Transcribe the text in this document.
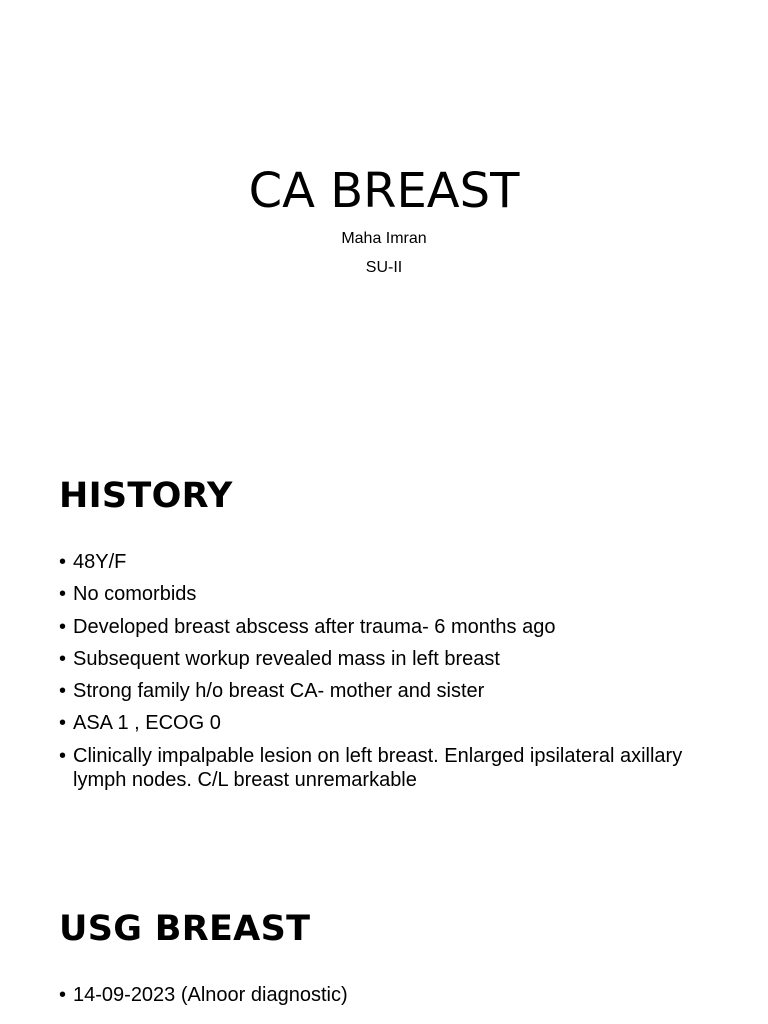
CA BREAST
Maha Imran
SU-II
HISTORY
• 48Y/F
• No comorbids
• Developed breast abscess after trauma- 6 months ago
• Subsequent workup revealed mass in left breast
• Strong family h/o breast CA- mother and sister
• ASA 1 , ECOG 0
• Clinically impalpable lesion on left breast. Enlarged ipsilateral axillary lymph nodes. C/L breast unremarkable
USG BREAST
• 14-09-2023 (Alnoor diagnostic)
